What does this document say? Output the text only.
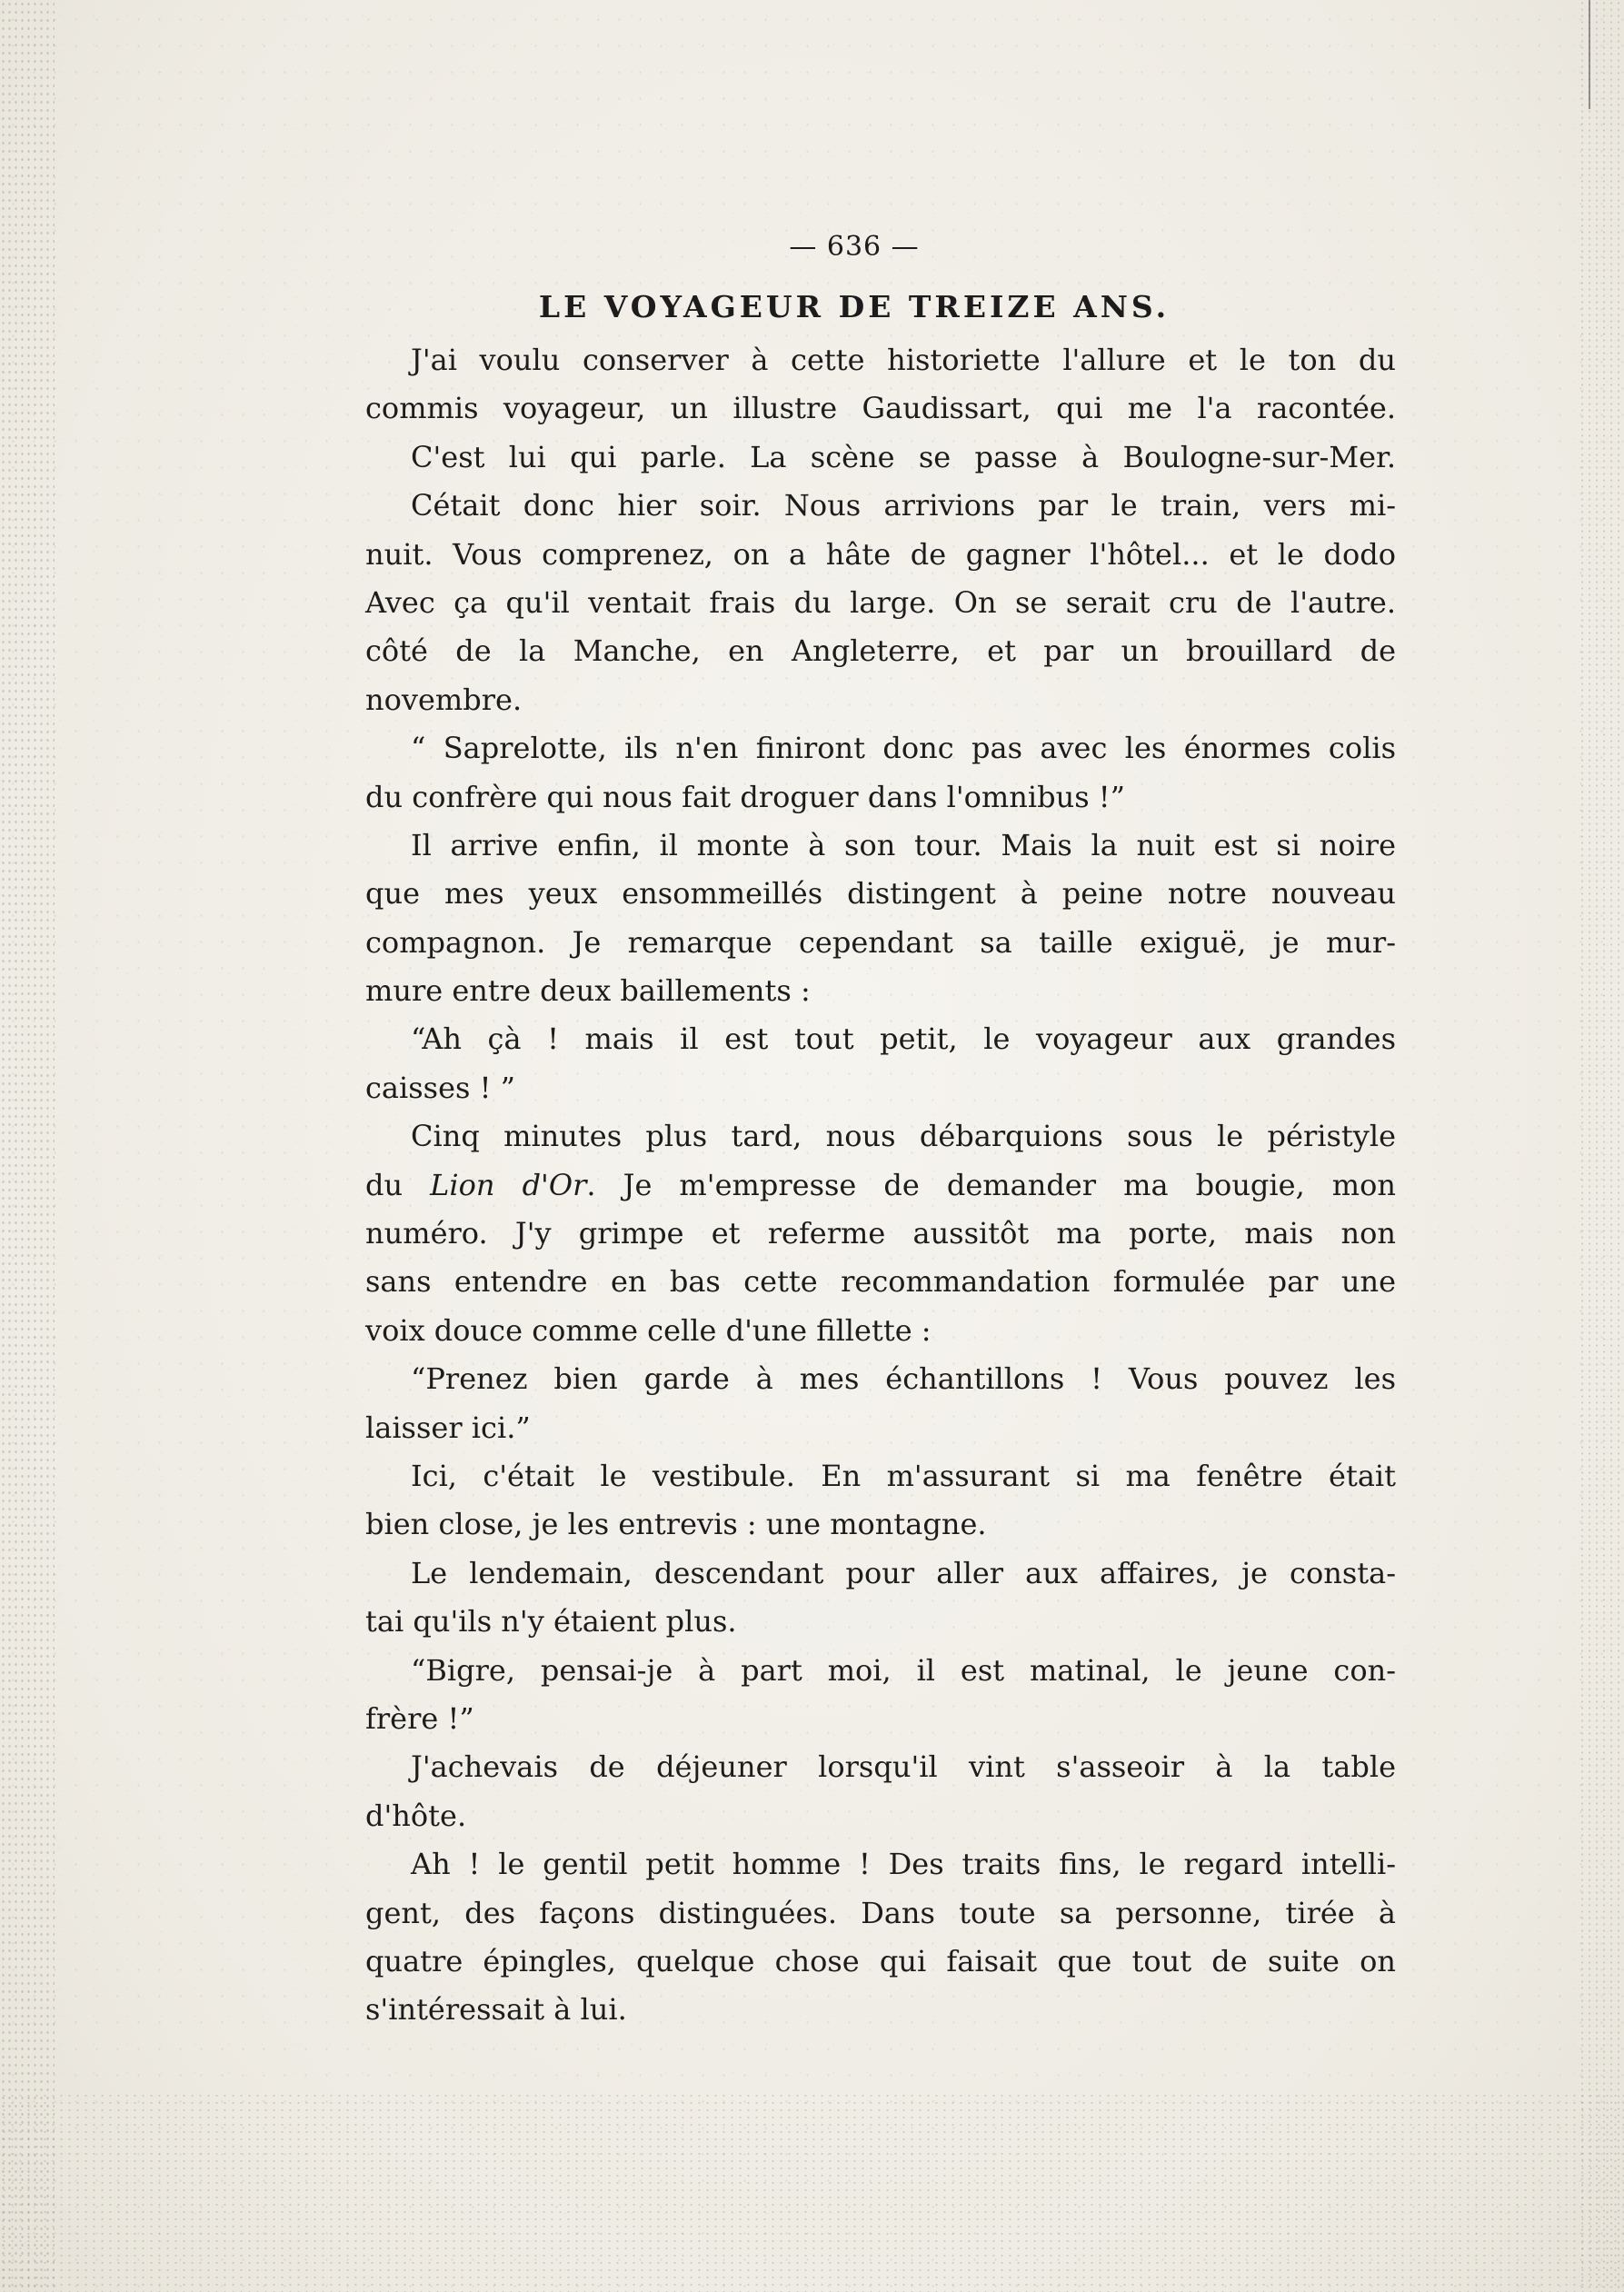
— 636 —
LE VOYAGEUR DE TREIZE ANS.
J'ai voulu conserver à cette historiette l'allure et le ton du
commis voyageur, un illustre Gaudissart, qui me l'a racontée.
C'est lui qui parle. La scène se passe à Boulogne-sur-Mer.
Cétait donc hier soir. Nous arrivions par le train, vers mi-
nuit. Vous comprenez, on a hâte de gagner l'hôtel... et le dodo
Avec ça qu'il ventait frais du large. On se serait cru de l'autre.
côté de la Manche, en Angleterre, et par un brouillard de
novembre.
“ Saprelotte, ils n'en finiront donc pas avec les énormes colis
du confrère qui nous fait droguer dans l'omnibus !”
Il arrive enfin, il monte à son tour. Mais la nuit est si noire
que mes yeux ensommeillés distingent à peine notre nouveau
compagnon. Je remarque cependant sa taille exiguë, je mur-
mure entre deux baillements :
“Ah çà ! mais il est tout petit, le voyageur aux grandes
caisses ! ”
Cinq minutes plus tard, nous débarquions sous le péristyle
du Lion d'Or. Je m'empresse de demander ma bougie, mon
numéro. J'y grimpe et referme aussitôt ma porte, mais non
sans entendre en bas cette recommandation formulée par une
voix douce comme celle d'une fillette :
“Prenez bien garde à mes échantillons ! Vous pouvez les
laisser ici.”
Ici, c'était le vestibule. En m'assurant si ma fenêtre était
bien close, je les entrevis : une montagne.
Le lendemain, descendant pour aller aux affaires, je consta-
tai qu'ils n'y étaient plus.
“Bigre, pensai-je à part moi, il est matinal, le jeune con-
frère !”
J'achevais de déjeuner lorsqu'il vint s'asseoir à la table
d'hôte.
Ah ! le gentil petit homme ! Des traits fins, le regard intelli-
gent, des façons distinguées. Dans toute sa personne, tirée à
quatre épingles, quelque chose qui faisait que tout de suite on
s'intéressait à lui.
